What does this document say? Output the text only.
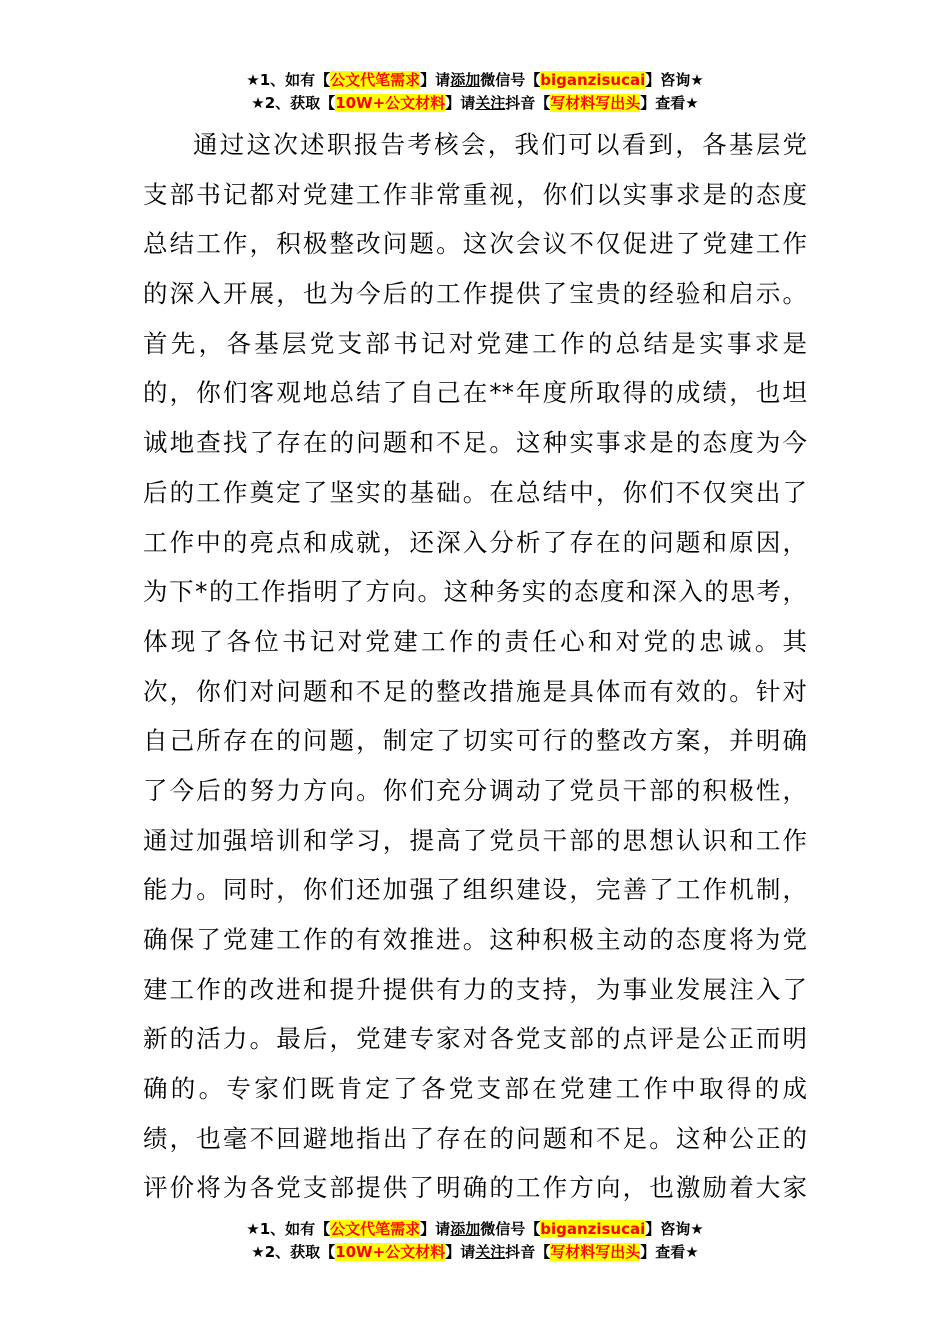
★1、如有【公文代笔需求】请添加微信号【biganzisucai】咨询★
★2、获取【10W+公文材料】请关注抖音【写材料写出头】查看★
通过这次述职报告考核会，我们可以看到，各基层党
支部书记都对党建工作非常重视，你们以实事求是的态度
总结工作，积极整改问题。这次会议不仅促进了党建工作
的深入开展，也为今后的工作提供了宝贵的经验和启示。
首先，各基层党支部书记对党建工作的总结是实事求是
的，你们客观地总结了自己在**年度所取得的成绩，也坦
诚地查找了存在的问题和不足。这种实事求是的态度为今
后的工作奠定了坚实的基础。在总结中，你们不仅突出了
工作中的亮点和成就，还深入分析了存在的问题和原因，
为下*的工作指明了方向。这种务实的态度和深入的思考，
体现了各位书记对党建工作的责任心和对党的忠诚。其
次，你们对问题和不足的整改措施是具体而有效的。针对
自己所存在的问题，制定了切实可行的整改方案，并明确
了今后的努力方向。你们充分调动了党员干部的积极性，
通过加强培训和学习，提高了党员干部的思想认识和工作
能力。同时，你们还加强了组织建设，完善了工作机制，
确保了党建工作的有效推进。这种积极主动的态度将为党
建工作的改进和提升提供有力的支持，为事业发展注入了
新的活力。最后，党建专家对各党支部的点评是公正而明
确的。专家们既肯定了各党支部在党建工作中取得的成
绩，也毫不回避地指出了存在的问题和不足。这种公正的
评价将为各党支部提供了明确的工作方向，也激励着大家
★1、如有【公文代笔需求】请添加微信号【biganzisucai】咨询★
★2、获取【10W+公文材料】请关注抖音【写材料写出头】查看★
